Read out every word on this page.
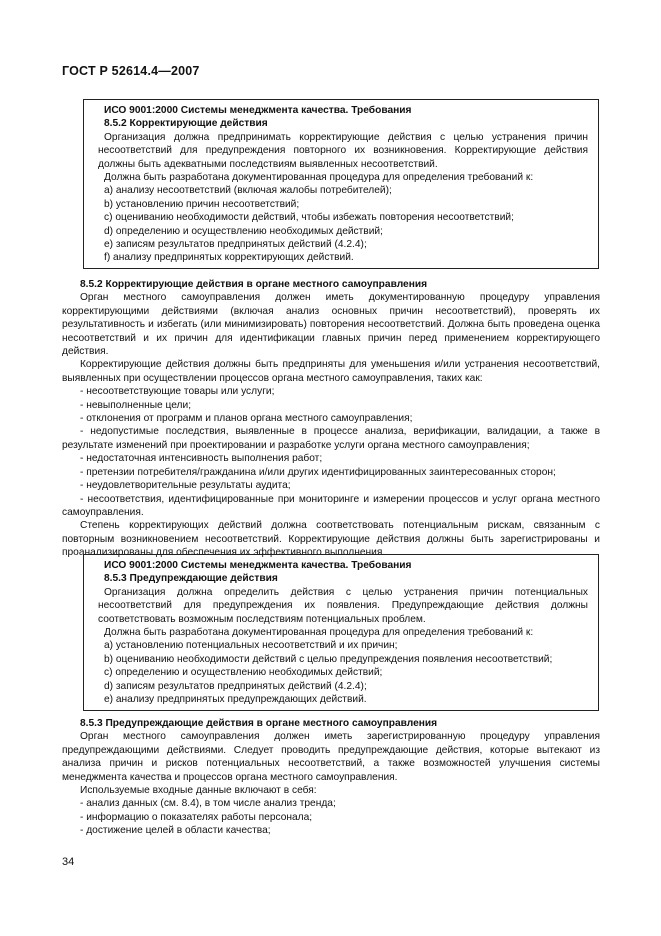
ГОСТ Р 52614.4—2007

ИСО 9001:2000 Системы менеджмента качества. Требования

8.5.2 Корректирующие действия

Организация должна предпринимать корректирующие действия с целью устранения причин несоответствий для предупреждения повторного их возникновения. Корректирующие действия должны быть адекватными последствиям выявленных несоответствий.

Должна быть разработана документированная процедура для определения требований к:

а) анализу несоответствий (включая жалобы потребителей);

b) установлению причин несоответствий;

с) оцениванию необходимости действий, чтобы избежать повторения несоответствий;

d) определению и осуществлению необходимых действий;

е) записям результатов предпринятых действий (4.2.4);

f) анализу предпринятых корректирующих действий.

8.5.2 Корректирующие действия в органе местного самоуправления

Орган местного самоуправления должен иметь документированную процедуру управления корректирующими действиями (включая анализ основных причин несоответствий), проверять их результативность и избегать (или минимизировать) повторения несоответствий. Должна быть проведена оценка несоответствий и их причин для идентификации главных причин перед применением корректирующего действия.

Корректирующие действия должны быть предприняты для уменьшения и/или устранения несоответствий, выявленных при осуществлении процессов органа местного самоуправления, таких как:

- несоответствующие товары или услуги;

- невыполненные цели;

- отклонения от программ и планов органа местного самоуправления;

- недопустимые последствия, выявленные в процессе анализа, верификации, валидации, а также в результате изменений при проектировании и разработке услуги органа местного самоуправления;

- недостаточная интенсивность выполнения работ;

- претензии потребителя/гражданина и/или других идентифицированных заинтересованных сторон;

- неудовлетворительные результаты аудита;

- несоответствия, идентифицированные при мониторинге и измерении процессов и услуг органа местного самоуправления.

Степень корректирующих действий должна соответствовать потенциальным рискам, связанным с повторным возникновением несоответствий. Корректирующие действия должны быть зарегистрированы и проанализированы для обеспечения их эффективного выполнения.

ИСО 9001:2000 Системы менеджмента качества. Требования

8.5.3 Предупреждающие действия

Организация должна определить действия с целью устранения причин потенциальных несоответствий для предупреждения их появления. Предупреждающие действия должны соответствовать возможным последствиям потенциальных проблем.

Должна быть разработана документированная процедура для определения требований к:

а) установлению потенциальных несоответствий и их причин;

b) оцениванию необходимости действий с целью предупреждения появления несоответствий;

с) определению и осуществлению необходимых действий;

d) записям результатов предпринятых действий (4.2.4);

е) анализу предпринятых предупреждающих действий.

8.5.3 Предупреждающие действия в органе местного самоуправления

Орган местного самоуправления должен иметь зарегистрированную процедуру управления предупреждающими действиями. Следует проводить предупреждающие действия, которые вытекают из анализа причин и рисков потенциальных несоответствий, а также возможностей улучшения системы менеджмента качества и процессов органа местного самоуправления.

Используемые входные данные включают в себя:

- анализ данных (см. 8.4), в том числе анализ тренда;

- информацию о показателях работы персонала;

- достижение целей в области качества;

34
